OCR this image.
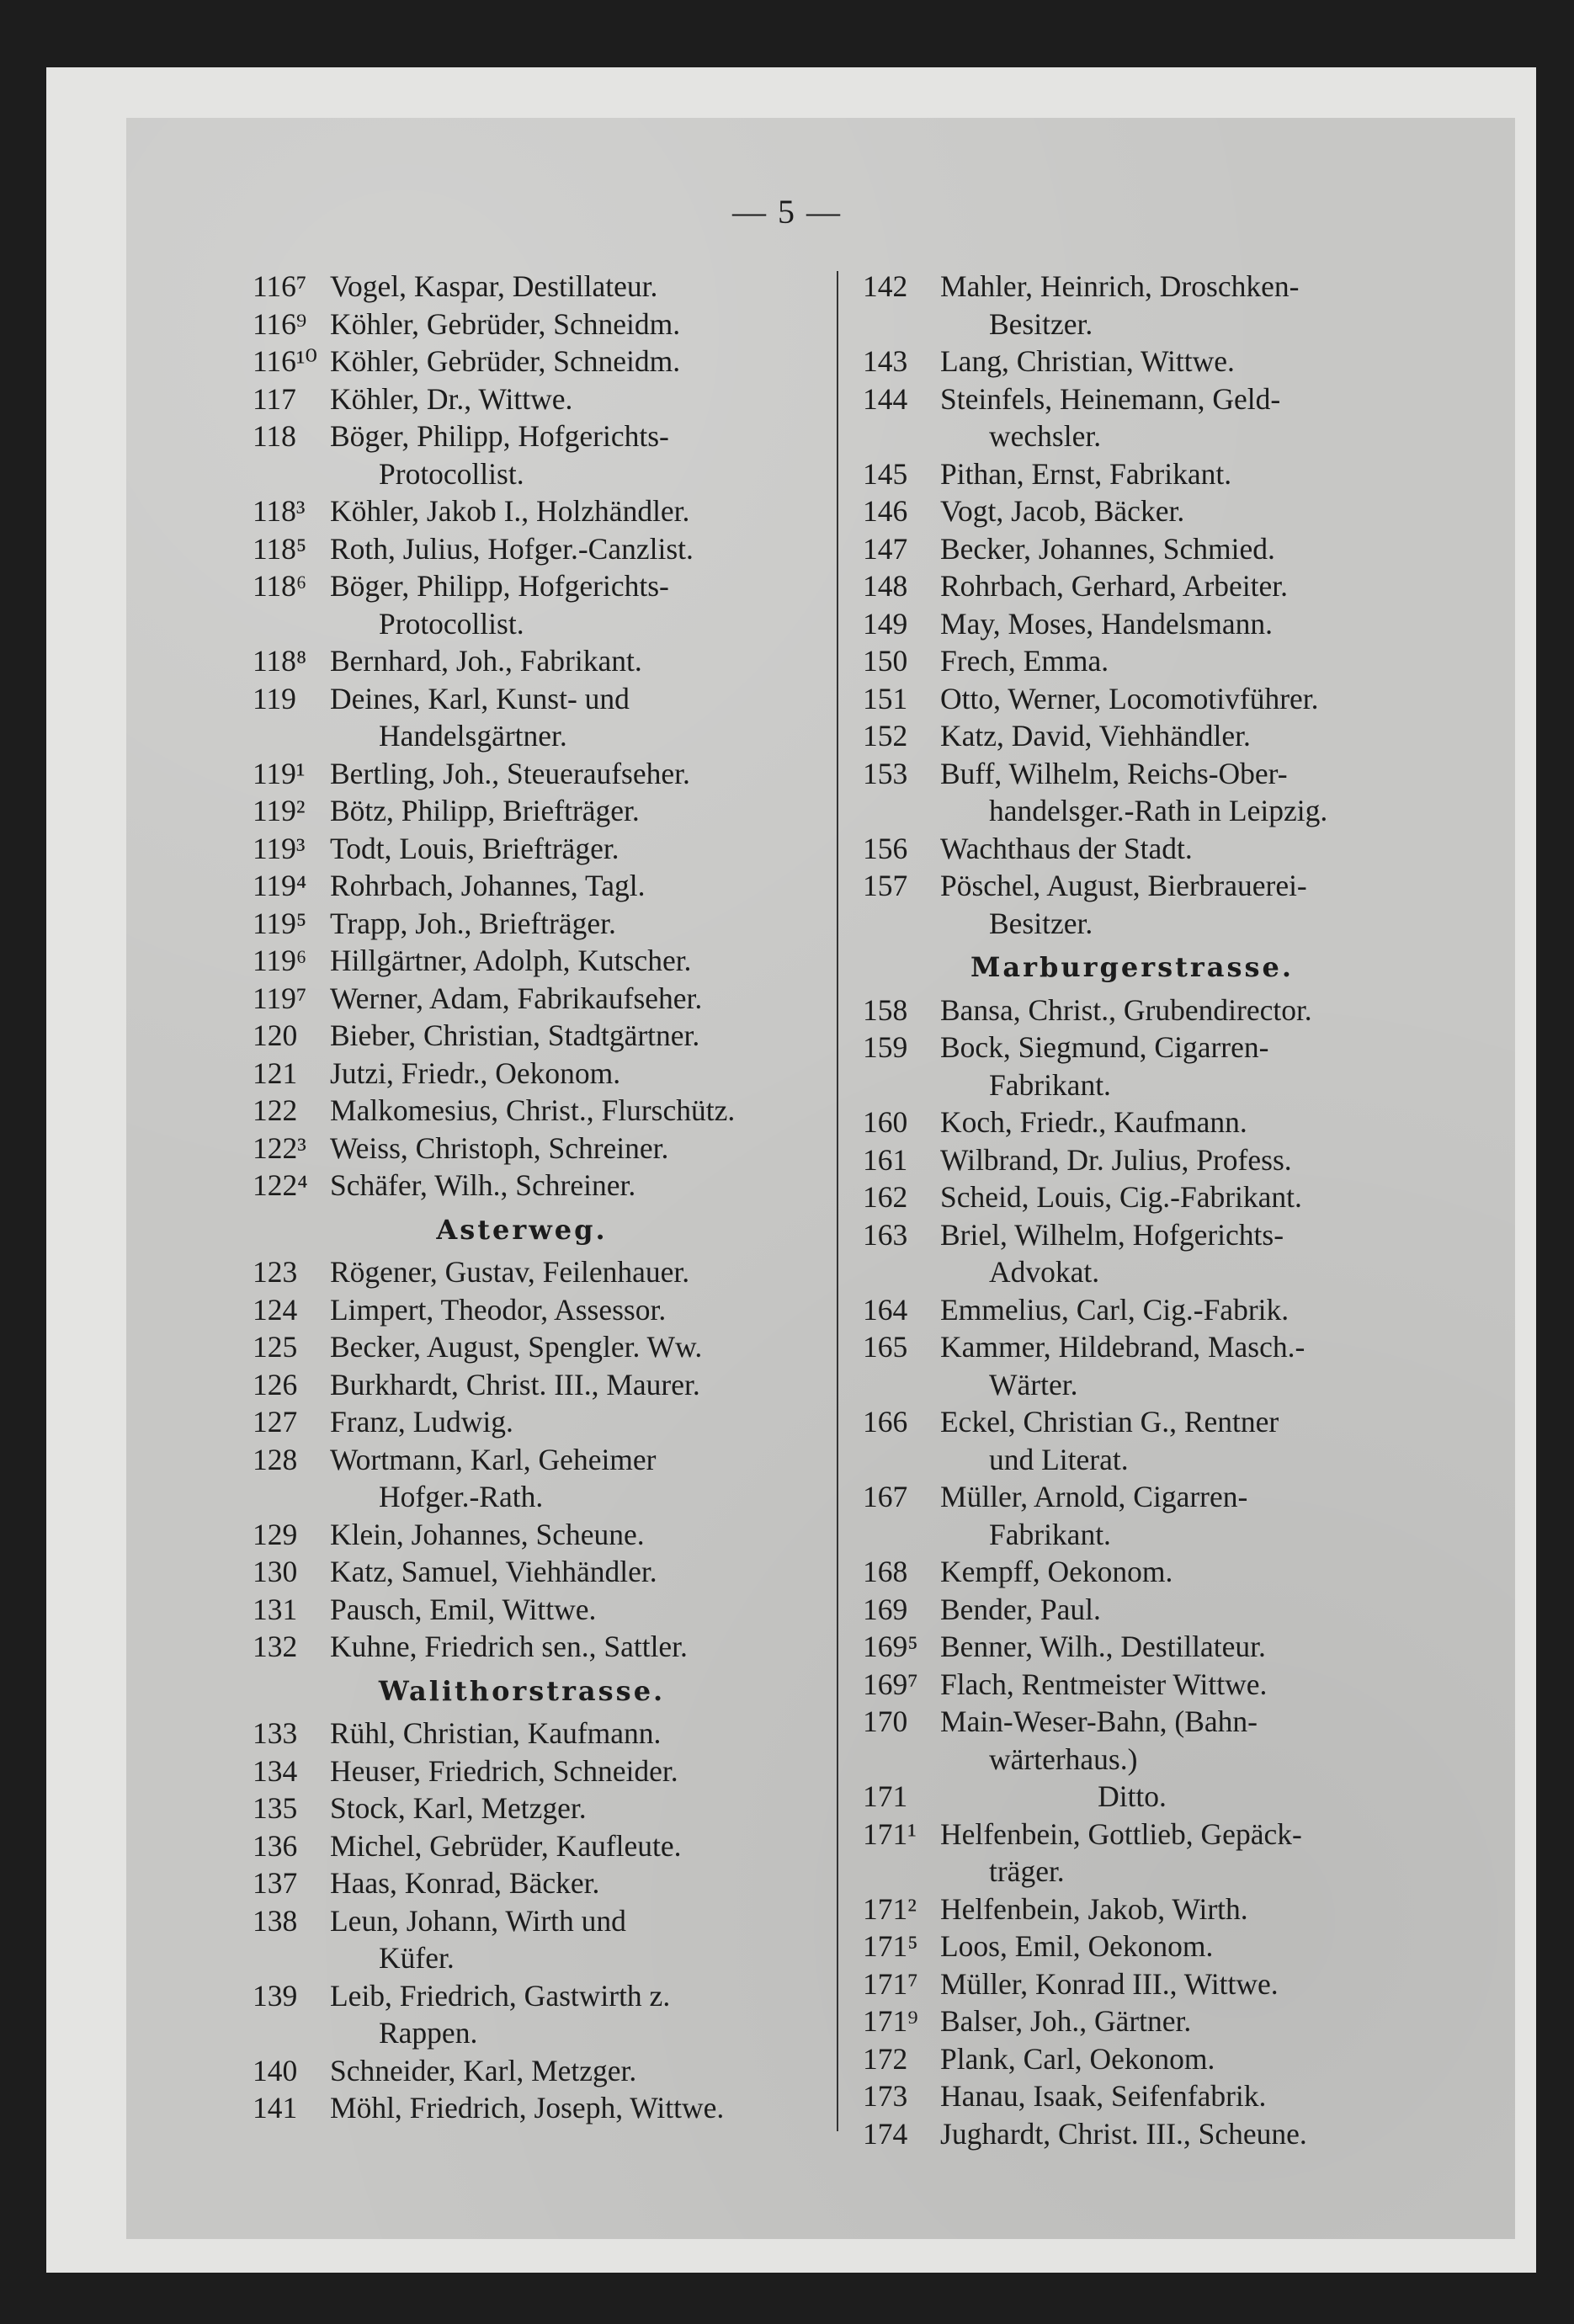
— 5 —
116⁷ Vogel, Kaspar, Destillateur.
116⁹ Köhler, Gebrüder, Schneidm.
116¹⁰ Köhler, Gebrüder, Schneidm.
117	Köhler, Dr., Wittwe.
118	Böger, Philipp, Hofgerichts-
Protocollist.
118³ Köhler, Jakob I., Holzhändler.
118⁵ Roth, Julius, Hofger.-Canzlist.
118⁶ Böger, Philipp, Hofgerichts-
Protocollist.
118⁸ Bernhard, Joh., Fabrikant.
119	Deines, Karl, Kunst- und
Handelsgärtner.
119¹ Bertling, Joh., Steueraufseher.
119² Bötz, Philipp, Briefträger.
119³ Todt, Louis, Briefträger.
119⁴ Rohrbach, Johannes, Tagl.
119⁵ Trapp, Joh., Briefträger.
119⁶ Hillgärtner, Adolph, Kutscher.
119⁷ Werner, Adam, Fabrikaufseher.
120	Bieber, Christian, Stadtgärtner.
121	Jutzi, Friedr., Oekonom.
122	Malkomesius, Christ., Flurschütz.
122³ Weiss, Christoph, Schreiner.
122⁴ Schäfer, Wilh., Schreiner.
Asterweg.
123	Rögener, Gustav, Feilenhauer.
124	Limpert, Theodor, Assessor.
125	Becker, August, Spengler. Ww.
126	Burkhardt, Christ. III., Maurer.
127	Franz, Ludwig.
128	Wortmann, Karl, Geheimer
Hofger.-Rath.
129	Klein, Johannes, Scheune.
130	Katz, Samuel, Viehhändler.
131	Pausch, Emil, Wittwe.
132	Kuhne, Friedrich sen., Sattler.
Walithorstrasse.
133	Rühl, Christian, Kaufmann.
134	Heuser, Friedrich, Schneider.
135	Stock, Karl, Metzger.
136	Michel, Gebrüder, Kaufleute.
137	Haas, Konrad, Bäcker.
138	Leun, Johann, Wirth und
Küfer.
139	Leib, Friedrich, Gastwirth z.
Rappen.
140	Schneider, Karl, Metzger.
141	Möhl, Friedrich, Joseph, Wittwe.
142	Mahler, Heinrich, Droschken-
Besitzer.
143	Lang, Christian, Wittwe.
144	Steinfels, Heinemann, Geld-
wechsler.
145	Pithan, Ernst, Fabrikant.
146	Vogt, Jacob, Bäcker.
147	Becker, Johannes, Schmied.
148	Rohrbach, Gerhard, Arbeiter.
149	May, Moses, Handelsmann.
150	Frech, Emma.
151	Otto, Werner, Locomotivführer.
152	Katz, David, Viehhändler.
153	Buff, Wilhelm, Reichs-Ober-
handelsger.-Rath in Leipzig.
156	Wachthaus der Stadt.
157	Pöschel, August, Bierbrauerei-
Besitzer.
Marburgerstrasse.
158	Bansa, Christ., Grubendirector.
159	Bock, Siegmund, Cigarren-
Fabrikant.
160	Koch, Friedr., Kaufmann.
161	Wilbrand, Dr. Julius, Profess.
162	Scheid, Louis, Cig.-Fabrikant.
163	Briel, Wilhelm, Hofgerichts-
Advokat.
164	Emmelius, Carl, Cig.-Fabrik.
165	Kammer, Hildebrand, Masch.-
Wärter.
166	Eckel, Christian G., Rentner
und Literat.
167	Müller, Arnold, Cigarren-
Fabrikant.
168	Kempff, Oekonom.
169	Bender, Paul.
169⁵ Benner, Wilh., Destillateur.
169⁷ Flach, Rentmeister Wittwe.
170	Main-Weser-Bahn, (Bahn-
wärterhaus.)
171	Ditto.
171¹ Helfenbein, Gottlieb, Gepäck-
träger.
171² Helfenbein, Jakob, Wirth.
171⁵ Loos, Emil, Oekonom.
171⁷ Müller, Konrad III., Wittwe.
171⁹ Balser, Joh., Gärtner.
172	Plank, Carl, Oekonom.
173	Hanau, Isaak, Seifenfabrik.
174	Jughardt, Christ. III., Scheune.
